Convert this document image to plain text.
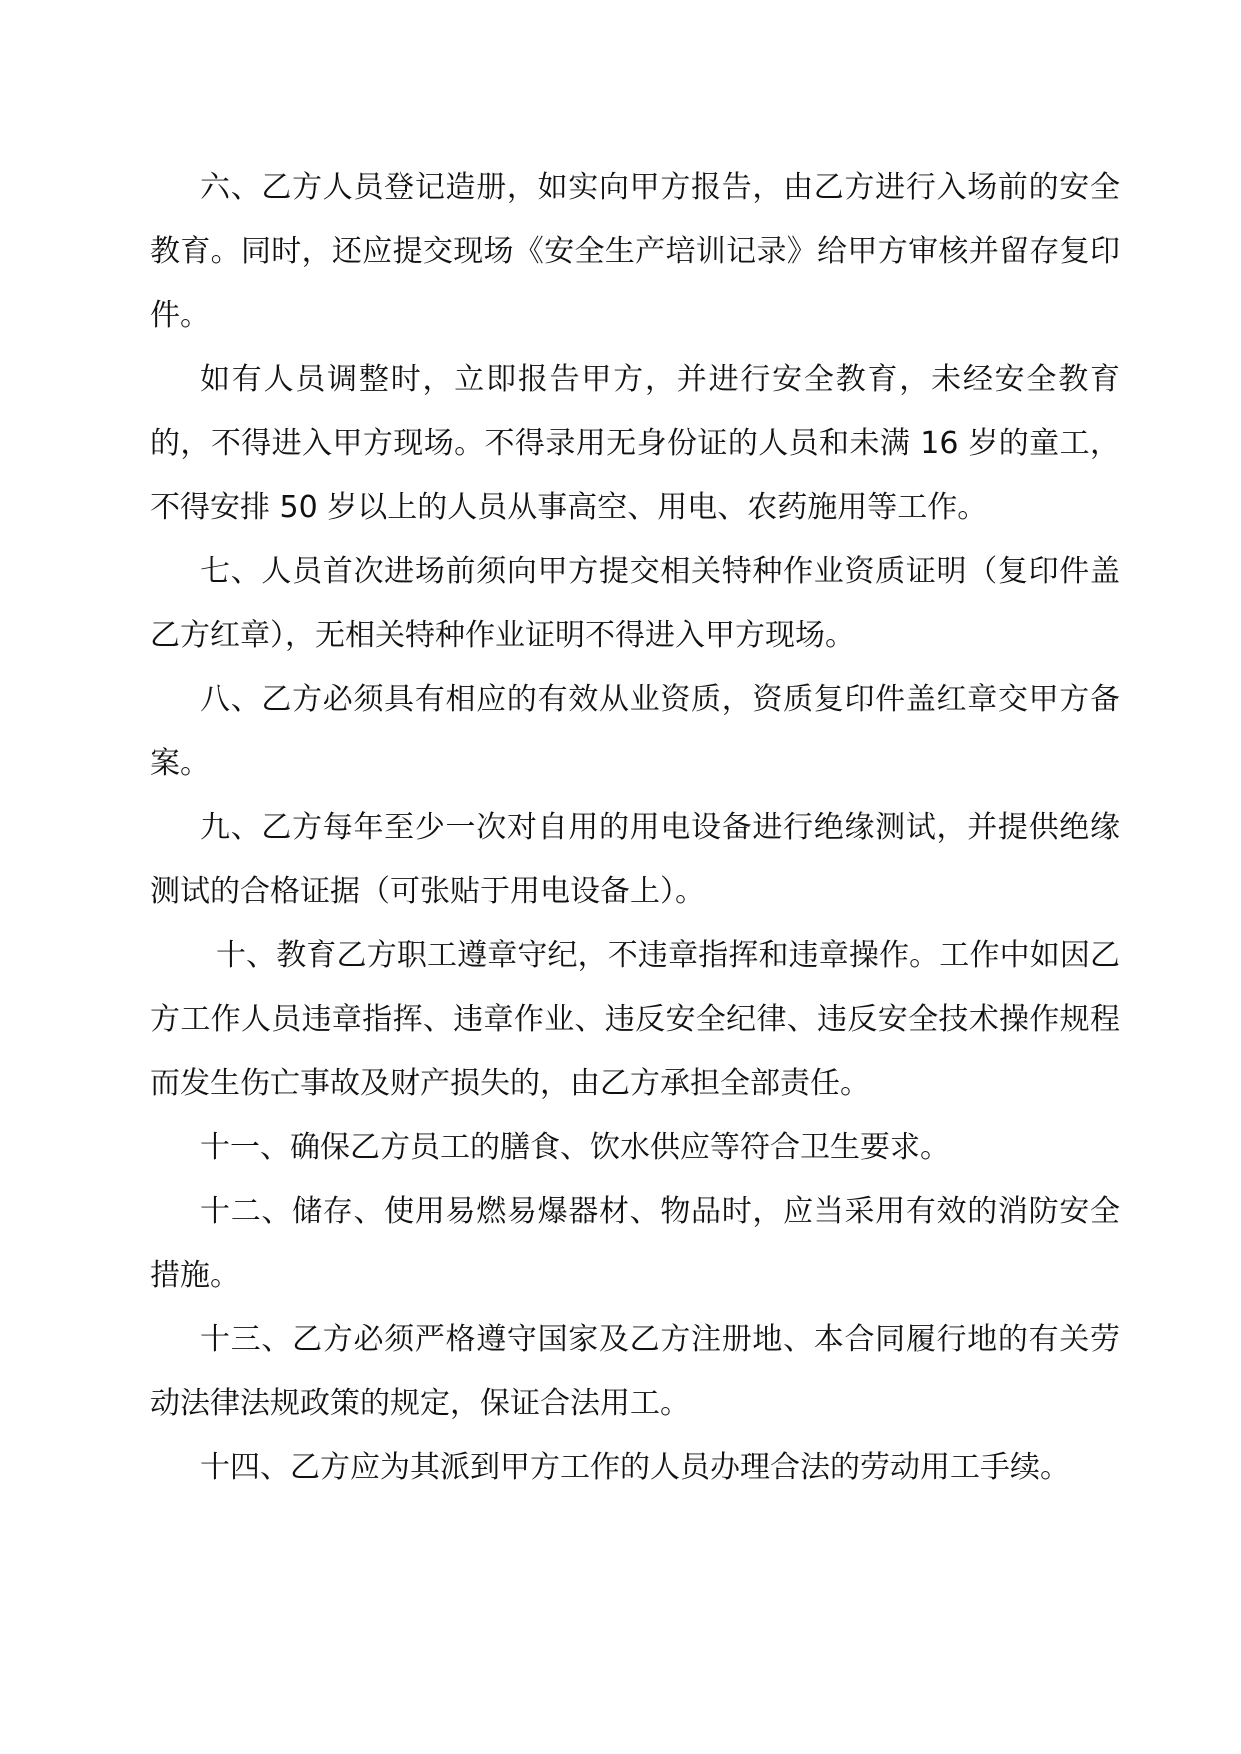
六、乙方人员登记造册，如实向甲方报告，由乙方进行入场前的安全教育。同时，还应提交现场《安全生产培训记录》给甲方审核并留存复印件。

如有人员调整时，立即报告甲方，并进行安全教育，未经安全教育的，不得进入甲方现场。不得录用无身份证的人员和未满 16 岁的童工，不得安排 50 岁以上的人员从事高空、用电、农药施用等工作。

七、人员首次进场前须向甲方提交相关特种作业资质证明（复印件盖乙方红章），无相关特种作业证明不得进入甲方现场。

八、乙方必须具有相应的有效从业资质，资质复印件盖红章交甲方备案。

九、乙方每年至少一次对自用的用电设备进行绝缘测试，并提供绝缘测试的合格证据（可张贴于用电设备上）。

十、教育乙方职工遵章守纪，不违章指挥和违章操作。工作中如因乙方工作人员违章指挥、违章作业、违反安全纪律、违反安全技术操作规程而发生伤亡事故及财产损失的，由乙方承担全部责任。

十一、确保乙方员工的膳食、饮水供应等符合卫生要求。

十二、储存、使用易燃易爆器材、物品时，应当采用有效的消防安全措施。

十三、乙方必须严格遵守国家及乙方注册地、本合同履行地的有关劳动法律法规政策的规定，保证合法用工。

十四、乙方应为其派到甲方工作的人员办理合法的劳动用工手续。
